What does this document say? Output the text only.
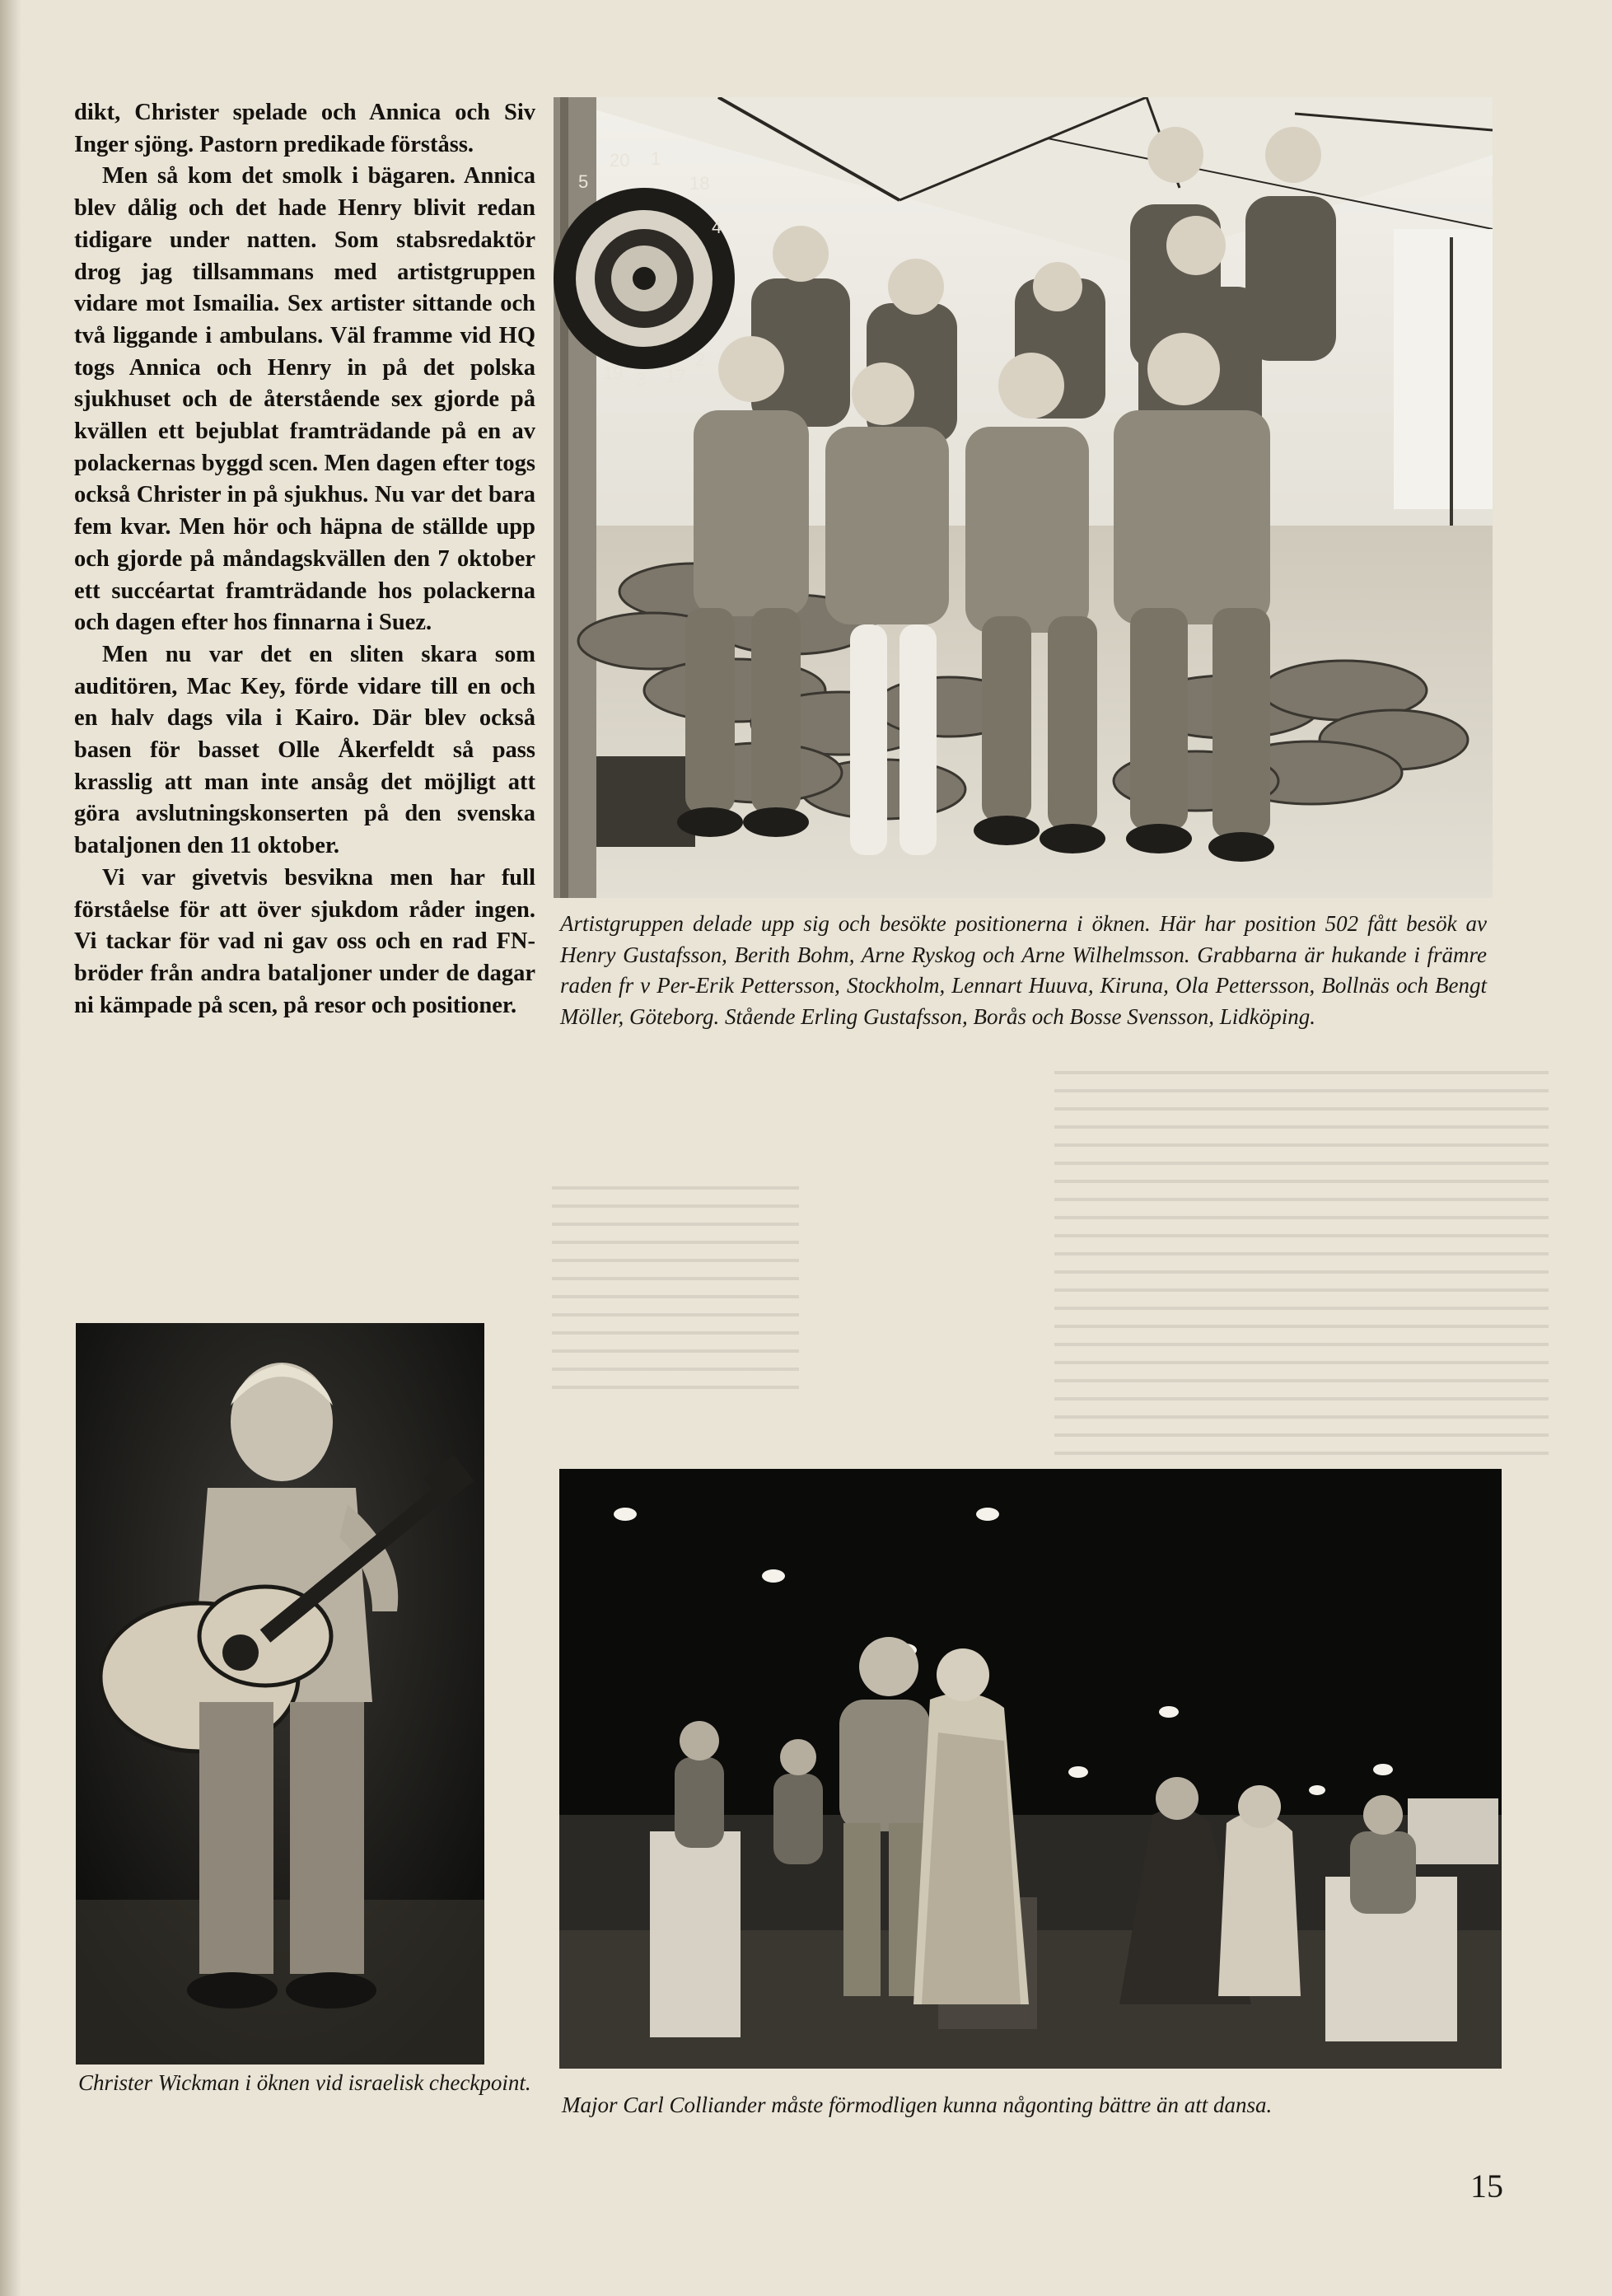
dikt, Christer spelade och Annica och Siv Inger sjöng. Pastorn predikade förståss.

Men så kom det smolk i bägaren. Annica blev dålig och det hade Henry blivit redan tidigare under natten. Som stabsredaktör drog jag tillsammans med artistgruppen vidare mot Ismailia. Sex artister sittande och två liggande i ambulans. Väl framme vid HQ togs Annica och Henry in på det polska sjukhuset och de återstående sex gjorde på kvällen ett bejublat framträdande på en av polackernas byggd scen. Men dagen efter togs också Christer in på sjukhus. Nu var det bara fem kvar. Men hör och häpna de ställde upp och gjorde på måndagskvällen den 7 oktober ett succéartat framträdande hos polackerna och dagen efter hos finnarna i Suez.

Men nu var det en sliten skara som auditören, Mac Key, förde vidare till en och en halv dags vila i Kairo. Där blev också basen för basset Olle Åkerfeldt så pass krasslig att man inte ansåg det möjligt att göra avslutningskonserten på den svenska bataljonen den 11 oktober.

Vi var givetvis besvikna men har full förståelse för att över sjukdom råder ingen. Vi tackar för vad ni gav oss och en rad FN-bröder från andra bataljoner under de dagar ni kämpade på scen, på resor och positioner.

5
20 1
18
4
19 3 17
2
Artistgruppen delade upp sig och besökte positionerna i öknen. Här har position 502 fått besök av Henry Gustafsson, Berith Bohm, Arne Ryskog och Arne Wilhelmsson. Grabbarna är hukande i främre raden fr v Per-Erik Pettersson, Stockholm, Lennart Huuva, Kiruna, Ola Pettersson, Bollnäs och Bengt Möller, Göteborg. Stående Erling Gustafsson, Borås och Bosse Svensson, Lidköping.
Christer Wickman i öknen vid israelisk checkpoint.
Major Carl Colliander måste förmodligen kunna någonting bättre än att dansa.
15
